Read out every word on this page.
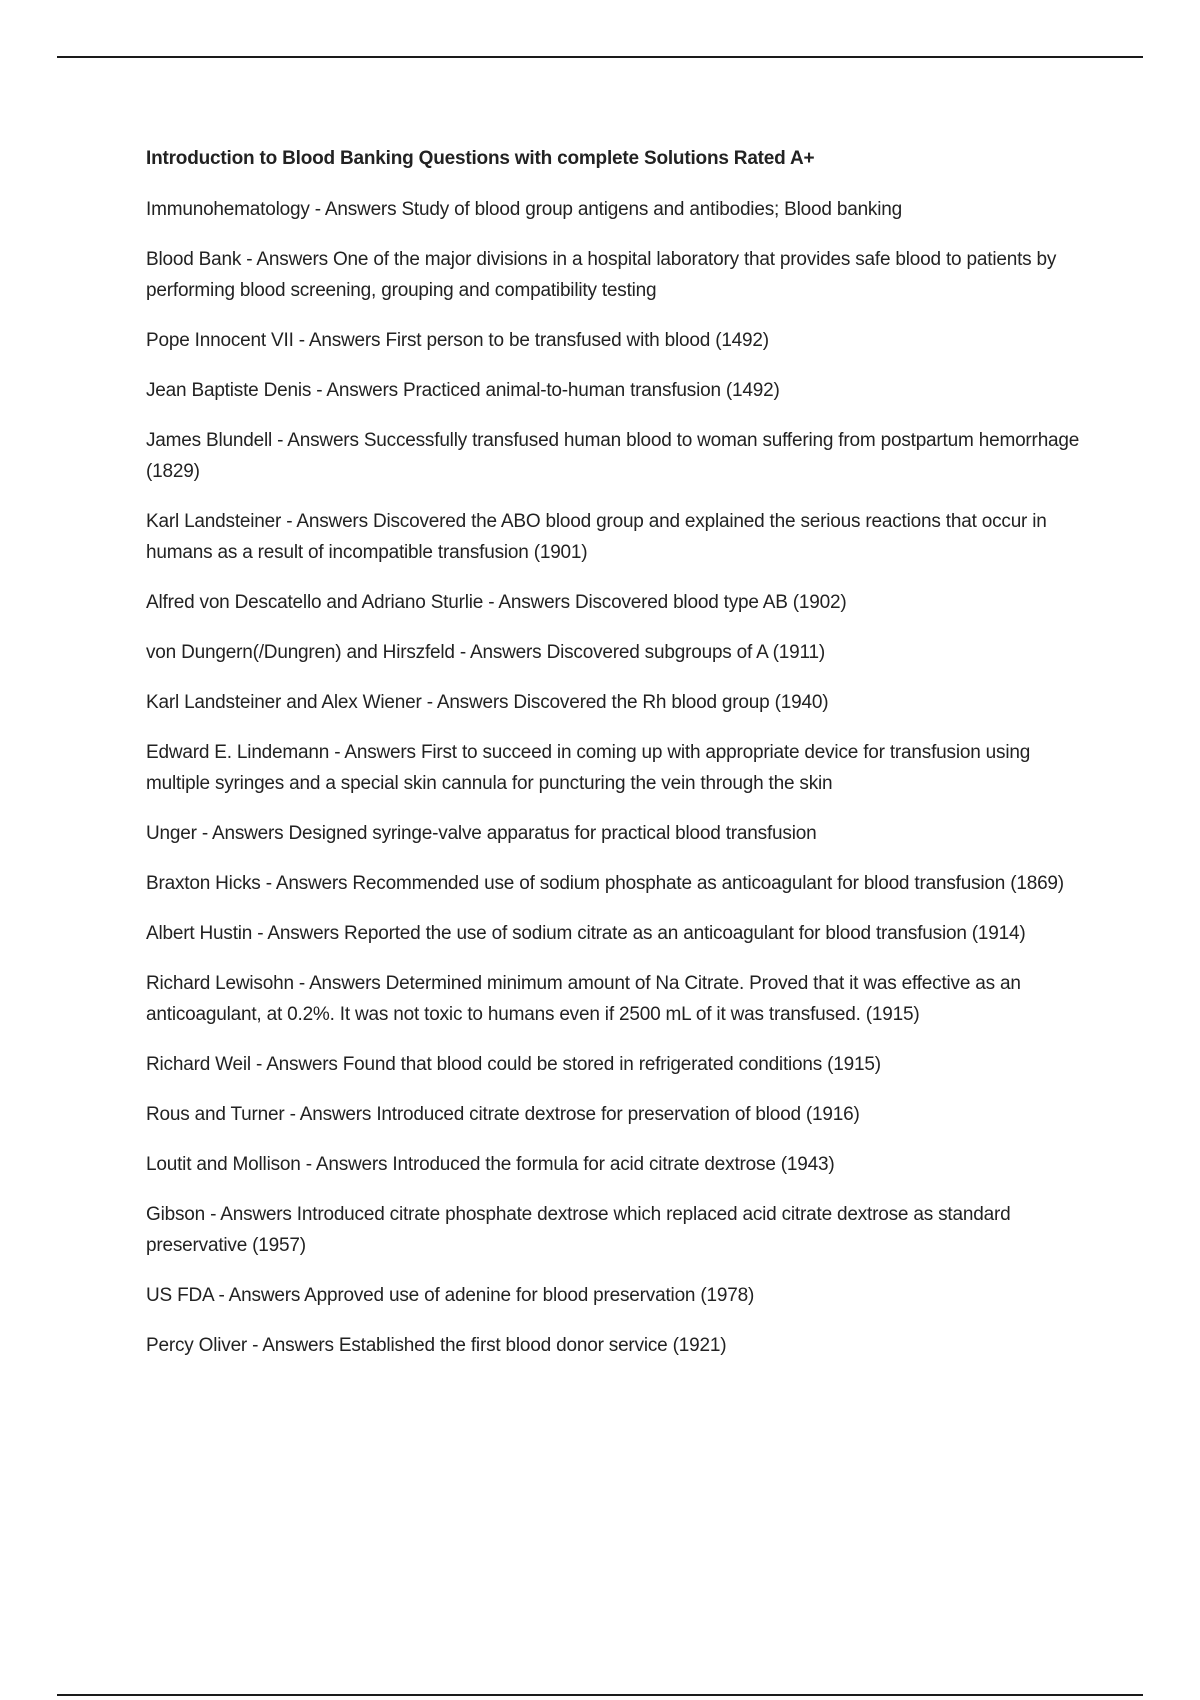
Introduction to Blood Banking Questions with complete Solutions Rated A+
Immunohematology - Answers Study of blood group antigens and antibodies; Blood banking
Blood Bank - Answers One of the major divisions in a hospital laboratory that provides safe blood to patients by performing blood screening, grouping and compatibility testing
Pope Innocent VII - Answers First person to be transfused with blood (1492)
Jean Baptiste Denis - Answers Practiced animal-to-human transfusion (1492)
James Blundell - Answers Successfully transfused human blood to woman suffering from postpartum hemorrhage (1829)
Karl Landsteiner - Answers Discovered the ABO blood group and explained the serious reactions that occur in humans as a result of incompatible transfusion (1901)
Alfred von Descatello and Adriano Sturlie - Answers Discovered blood type AB (1902)
von Dungern(/Dungren) and Hirszfeld - Answers Discovered subgroups of A (1911)
Karl Landsteiner and Alex Wiener - Answers Discovered the Rh blood group (1940)
Edward E. Lindemann - Answers First to succeed in coming up with appropriate device for transfusion using multiple syringes and a special skin cannula for puncturing the vein through the skin
Unger - Answers Designed syringe-valve apparatus for practical blood transfusion
Braxton Hicks - Answers Recommended use of sodium phosphate as anticoagulant for blood transfusion (1869)
Albert Hustin - Answers Reported the use of sodium citrate as an anticoagulant for blood transfusion (1914)
Richard Lewisohn - Answers Determined minimum amount of Na Citrate. Proved that it was effective as an anticoagulant, at 0.2%. It was not toxic to humans even if 2500 mL of it was transfused. (1915)
Richard Weil - Answers Found that blood could be stored in refrigerated conditions (1915)
Rous and Turner - Answers Introduced citrate dextrose for preservation of blood (1916)
Loutit and Mollison - Answers Introduced the formula for acid citrate dextrose (1943)
Gibson - Answers Introduced citrate phosphate dextrose which replaced acid citrate dextrose as standard preservative (1957)
US FDA - Answers Approved use of adenine for blood preservation (1978)
Percy Oliver - Answers Established the first blood donor service (1921)
